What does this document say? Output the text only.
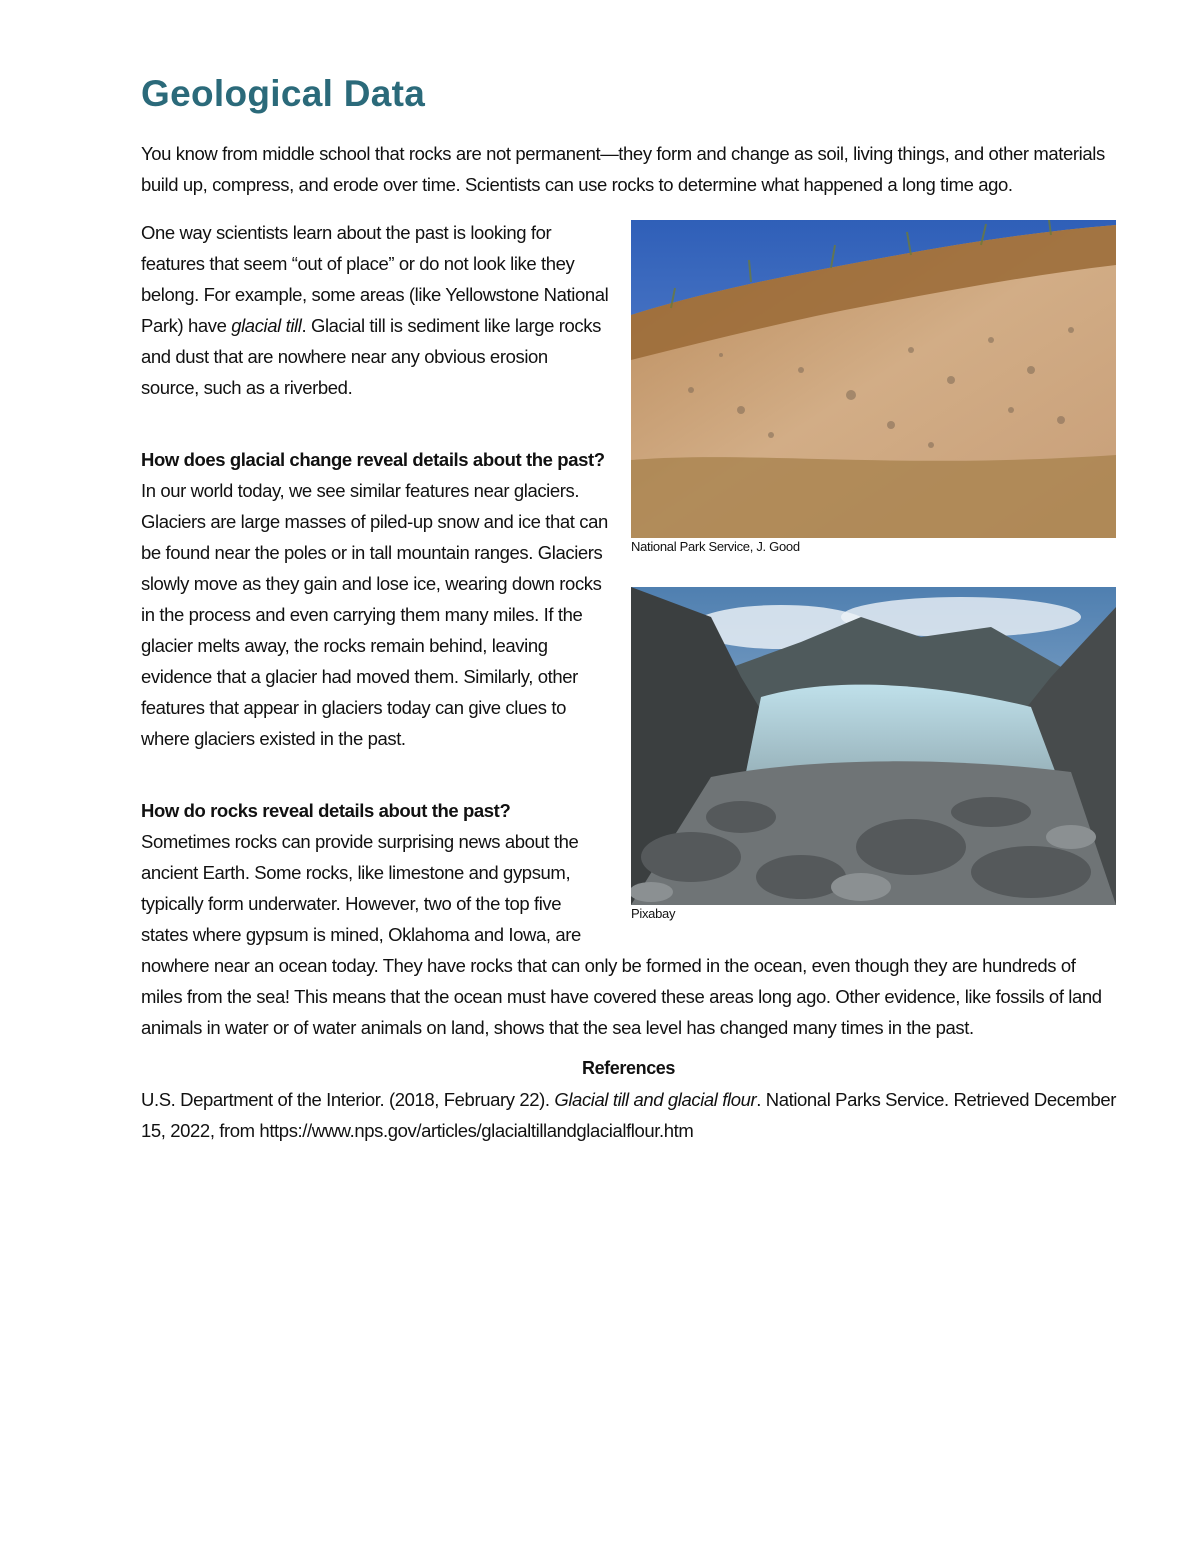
Geological Data

You know from middle school that rocks are not permanent—they form and change as soil, living things, and other materials build up, compress, and erode over time. Scientists can use rocks to determine what happened a long time ago.

National Park Service, J. Good
Pixabay

One way scientists learn about the past is looking for features that seem “out of place” or do not look like they belong. For example, some areas (like Yellowstone National Park) have glacial till. Glacial till is sediment like large rocks and dust that are nowhere near any obvious erosion source, such as a riverbed.

How does glacial change reveal details about the past?

In our world today, we see similar features near glaciers. Glaciers are large masses of piled-up snow and ice that can be found near the poles or in tall mountain ranges. Glaciers slowly move as they gain and lose ice, wearing down rocks in the process and even carrying them many miles. If the glacier melts away, the rocks remain behind, leaving evidence that a glacier had moved them. Similarly, other features that appear in glaciers today can give clues to where glaciers existed in the past.

How do rocks reveal details about the past?

Sometimes rocks can provide surprising news about the ancient Earth. Some rocks, like limestone and gypsum, typically form underwater. However, two of the top five states where gypsum is mined, Oklahoma and Iowa, are nowhere near an ocean today. They have rocks that can only be formed in the ocean, even though they are hundreds of miles from the sea! This means that the ocean must have covered these areas long ago. Other evidence, like fossils of land animals in water or of water animals on land, shows that the sea level has changed many times in the past.

References

U.S. Department of the Interior. (2018, February 22). Glacial till and glacial flour. National Parks Service. Retrieved December 15, 2022, from https://www.nps.gov/articles/glacialtillandglacialflour.htm
